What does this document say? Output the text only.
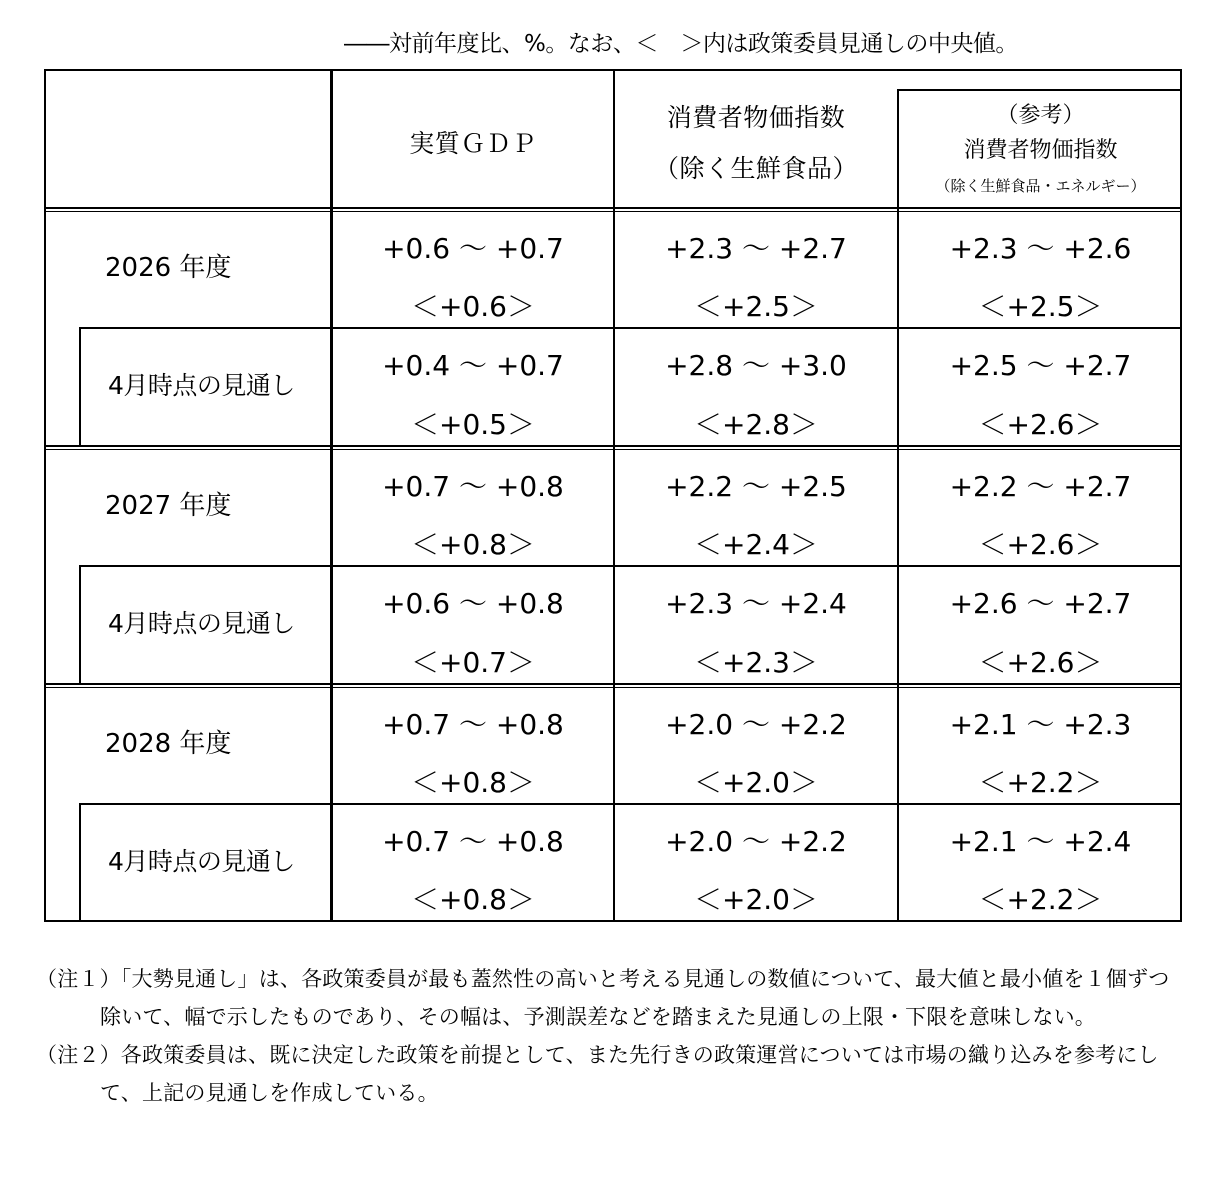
――対前年度比、%。なお、＜　＞内は政策委員見通しの中央値。
実質ＧＤＰ
消費者物価指数
（除く生鮮食品）
（参考）
消費者物価指数
（除く生鮮食品・エネルギー）
2026 年度
4月時点の見通し
2027 年度
4月時点の見通し
2028 年度
4月時点の見通し
+0.6 ～ +0.7
＜+0.6＞
+2.3 ～ +2.7
＜+2.5＞
+2.3 ～ +2.6
＜+2.5＞
+0.4 ～ +0.7
＜+0.5＞
+2.8 ～ +3.0
＜+2.8＞
+2.5 ～ +2.7
＜+2.6＞
+0.7 ～ +0.8
＜+0.8＞
+2.2 ～ +2.5
＜+2.4＞
+2.2 ～ +2.7
＜+2.6＞
+0.6 ～ +0.8
＜+0.7＞
+2.3 ～ +2.4
＜+2.3＞
+2.6 ～ +2.7
＜+2.6＞
+0.7 ～ +0.8
＜+0.8＞
+2.0 ～ +2.2
＜+2.0＞
+2.1 ～ +2.3
＜+2.2＞
+0.7 ～ +0.8
＜+0.8＞
+2.0 ～ +2.2
＜+2.0＞
+2.1 ～ +2.4
＜+2.2＞
（注１）「大勢見通し」は、各政策委員が最も蓋然性の高いと考える見通しの数値について、最大値と最小値を１個ずつ除いて、幅で示したものであり、その幅は、予測誤差などを踏まえた見通しの上限・下限を意味しない。
（注２）各政策委員は、既に決定した政策を前提として、また先行きの政策運営については市場の織り込みを参考にして、上記の見通しを作成している。
